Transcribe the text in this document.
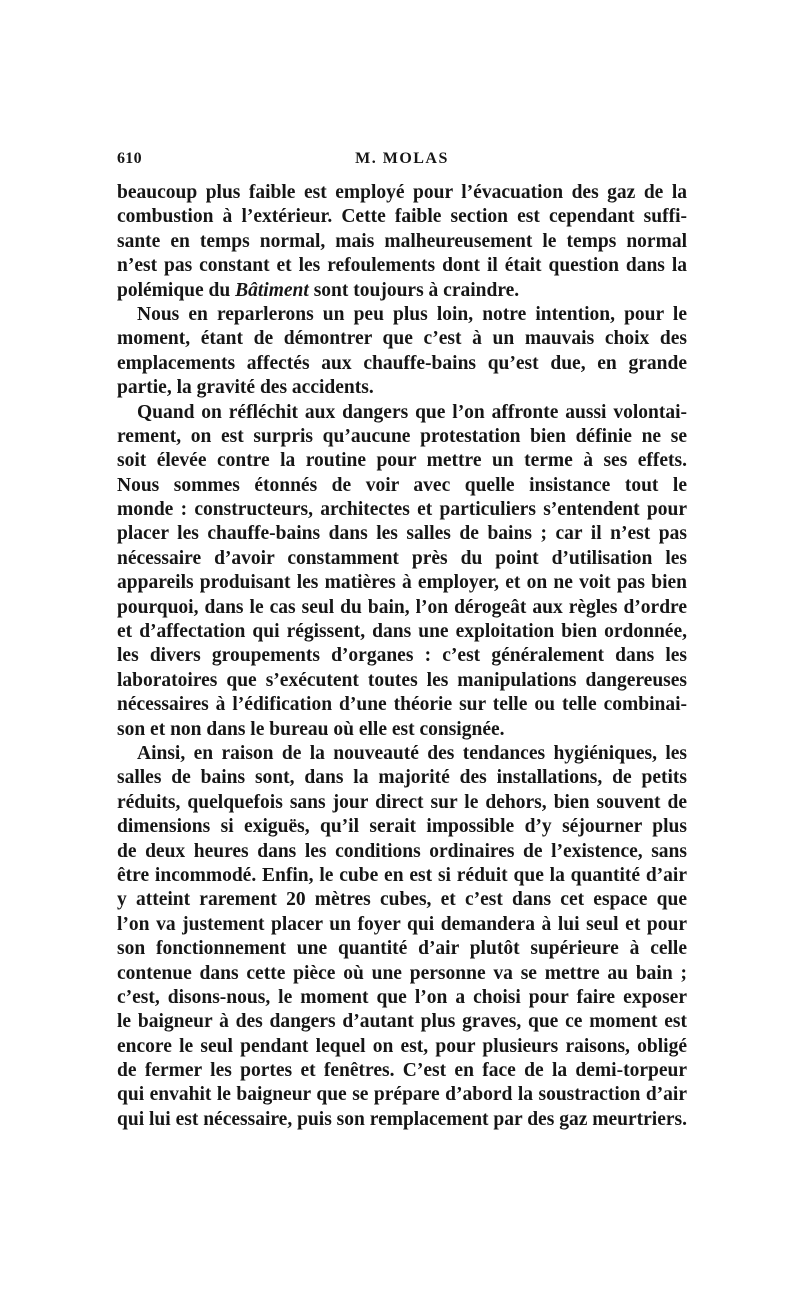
610	M. MOLAS
beaucoup plus faible est employé pour l’évacuation des gaz de la
combustion à l’extérieur. Cette faible section est cependant suffi-
sante en temps normal, mais malheureusement le temps normal
n’est pas constant et les refoulements dont il était question dans la
polémique du Bâtiment sont toujours à craindre.
Nous en reparlerons un peu plus loin, notre intention, pour le
moment, étant de démontrer que c’est à un mauvais choix des
emplacements affectés aux chauffe-bains qu’est due, en grande
partie, la gravité des accidents.
Quand on réfléchit aux dangers que l’on affronte aussi volontai-
rement, on est surpris qu’aucune protestation bien définie ne se
soit élevée contre la routine pour mettre un terme à ses effets.
Nous sommes étonnés de voir avec quelle insistance tout le
monde : constructeurs, architectes et particuliers s’entendent pour
placer les chauffe-bains dans les salles de bains ; car il n’est pas
nécessaire d’avoir constamment près du point d’utilisation les
appareils produisant les matières à employer, et on ne voit pas bien
pourquoi, dans le cas seul du bain, l’on dérogeât aux règles d’ordre
et d’affectation qui régissent, dans une exploitation bien ordonnée,
les divers groupements d’organes : c’est généralement dans les
laboratoires que s’exécutent toutes les manipulations dangereuses
nécessaires à l’édification d’une théorie sur telle ou telle combinai-
son et non dans le bureau où elle est consignée.
Ainsi, en raison de la nouveauté des tendances hygiéniques, les
salles de bains sont, dans la majorité des installations, de petits
réduits, quelquefois sans jour direct sur le dehors, bien souvent de
dimensions si exiguës, qu’il serait impossible d’y séjourner plus
de deux heures dans les conditions ordinaires de l’existence, sans
être incommodé. Enfin, le cube en est si réduit que la quantité d’air
y atteint rarement 20 mètres cubes, et c’est dans cet espace que
l’on va justement placer un foyer qui demandera à lui seul et pour
son fonctionnement une quantité d’air plutôt supérieure à celle
contenue dans cette pièce où une personne va se mettre au bain ;
c’est, disons-nous, le moment que l’on a choisi pour faire exposer
le baigneur à des dangers d’autant plus graves, que ce moment est
encore le seul pendant lequel on est, pour plusieurs raisons, obligé
de fermer les portes et fenêtres. C’est en face de la demi-torpeur
qui envahit le baigneur que se prépare d’abord la soustraction d’air
qui lui est nécessaire, puis son remplacement par des gaz meurtriers.
